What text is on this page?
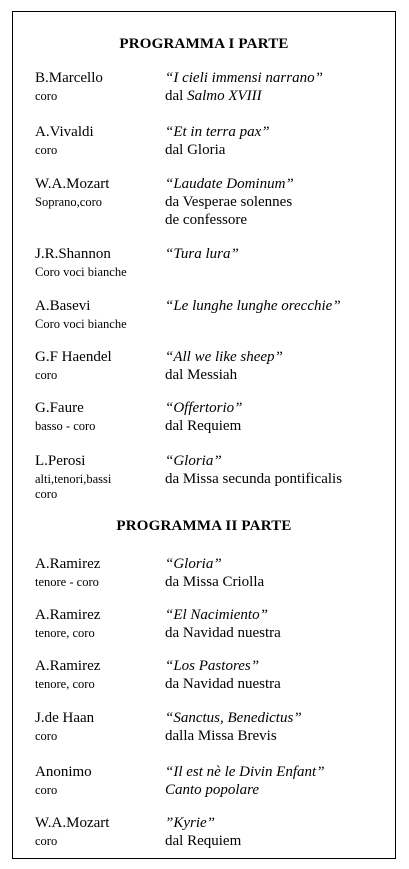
PROGRAMMA I PARTE
B.Marcello
coro
“I cieli immensi narrano”
dal Salmo XVIII
A.Vivaldi
coro
“Et in terra pax”
dal Gloria
W.A.Mozart
Soprano,coro
“Laudate Dominum”
da Vesperae solennes
de confessore
J.R.Shannon
Coro voci bianche
“Tura lura”
A.Basevi
Coro voci bianche
“Le lunghe lunghe orecchie”
G.F Haendel
coro
“All we like sheep”
dal Messiah
G.Faure
basso - coro
“Offertorio”
dal Requiem
L.Perosi
alti,tenori,bassi
coro
“Gloria”
da Missa secunda pontificalis
PROGRAMMA II PARTE
A.Ramirez
tenore - coro
“Gloria”
da Missa Criolla
A.Ramirez
tenore, coro
“El Nacimiento”
da Navidad nuestra
A.Ramirez
tenore, coro
“Los Pastores”
da Navidad nuestra
J.de Haan
coro
“Sanctus, Benedictus”
dalla Missa Brevis
Anonimo
coro
“Il est nè le Divin Enfant”
Canto popolare
W.A.Mozart
coro
”Kyrie”
dal Requiem
